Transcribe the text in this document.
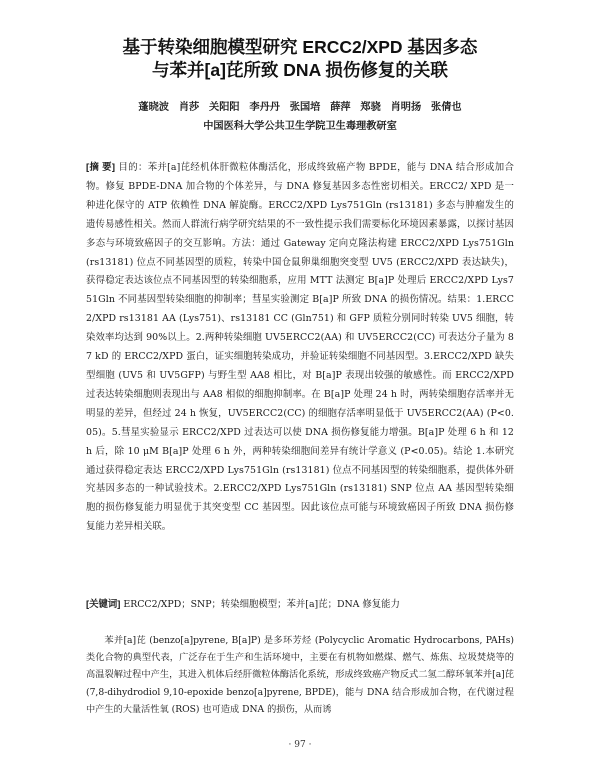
基于转染细胞模型研究 ERCC2/XPD 基因多态
与苯并[a]芘所致 DNA 损伤修复的关联
蓬晓波 肖莎 关阳阳 李丹丹 张国培 薛萍 郑骁 肖明扬 张倩也
中国医科大学公共卫生学院卫生毒理教研室
[摘 要] 目的：苯并[a]芘经机体肝微粒体酶活化，形成终致癌产物 BPDE，能与 DNA 结合形成加合物。修复 BPDE-DNA 加合物的个体差异，与 DNA 修复基因多态性密切相关。ERCC2/ XPD 是一种进化保守的 ATP 依赖性 DNA 解旋酶。ERCC2/XPD Lys751Gln (rs13181) 多态与肿瘤发生的遗传易感性相关。然而人群流行病学研究结果的不一致性提示我们需要标化环境因素暴露，以探讨基因多态与环境致癌因子的交互影响。方法：通过 Gateway 定向克隆法构建 ERCC2/XPD Lys751Gln (rs13181) 位点不同基因型的质粒，转染中国仓鼠卵巢细胞突变型 UV5 (ERCC2/XPD 表达缺失)，获得稳定表达该位点不同基因型的转染细胞系，应用 MTT 法测定 B[a]P 处理后 ERCC2/XPD Lys751Gln 不同基因型转染细胞的抑制率；彗星实验测定 B[a]P 所致 DNA 的损伤情况。结果：1.ERCC2/XPD rs13181 AA (Lys751)、rs13181 CC (Gln751) 和 GFP 质粒分别同时转染 UV5 细胞，转染效率均达到 90%以上。2.两种转染细胞 UV5ERCC2(AA) 和 UV5ERCC2(CC) 可表达分子量为 87 kD 的 ERCC2/XPD 蛋白，证实细胞转染成功，并验证转染细胞不同基因型。3.ERCC2/XPD 缺失型细胞 (UV5 和 UV5GFP) 与野生型 AA8 相比，对 B[a]P 表现出较强的敏感性。而 ERCC2/XPD 过表达转染细胞则表现出与 AA8 相似的细胞抑制率。在 B[a]P 处理 24 h 时，两转染细胞存活率并无明显的差异，但经过 24 h 恢复，UV5ERCC2(CC) 的细胞存活率明显低于 UV5ERCC2(AA) (P<0.05)。5.彗星实验显示 ERCC2/XPD 过表达可以使 DNA 损伤修复能力增强。B[a]P 处理 6 h 和 12 h 后，除 10 μM B[a]P 处理 6 h 外，两种转染细胞间差异有统计学意义 (P<0.05)。结论 1.本研究通过获得稳定表达 ERCC2/XPD Lys751Gln (rs13181) 位点不同基因型的转染细胞系，提供体外研究基因多态的一种试验技术。2.ERCC2/XPD Lys751Gln (rs13181) SNP 位点 AA 基因型转染细胞的损伤修复能力明显优于其突变型 CC 基因型。因此该位点可能与环境致癌因子所致 DNA 损伤修复能力差异相关联。
[关键词] ERCC2/XPD；SNP；转染细胞模型；苯并[a]芘；DNA 修复能力
苯并[a]芘 (benzo[a]pyrene, B[a]P) 是多环芳烃 (Polycyclic Aromatic Hydrocarbons, PAHs) 类化合物的典型代表，广泛存在于生产和生活环境中，主要在有机物如燃煤、燃气、炼焦、垃圾焚烧等的高温裂解过程中产生，其进入机体后经肝微粒体酶活化系统，形成终致癌产物反式二氢二醇环氧苯并[a]芘 (7,8-dihydrodiol 9,10-epoxide benzo[a]pyrene, BPDE)，能与 DNA 结合形成加合物，在代谢过程中产生的大量活性氧 (ROS) 也可造成 DNA 的损伤，从而诱
· 97 ·
